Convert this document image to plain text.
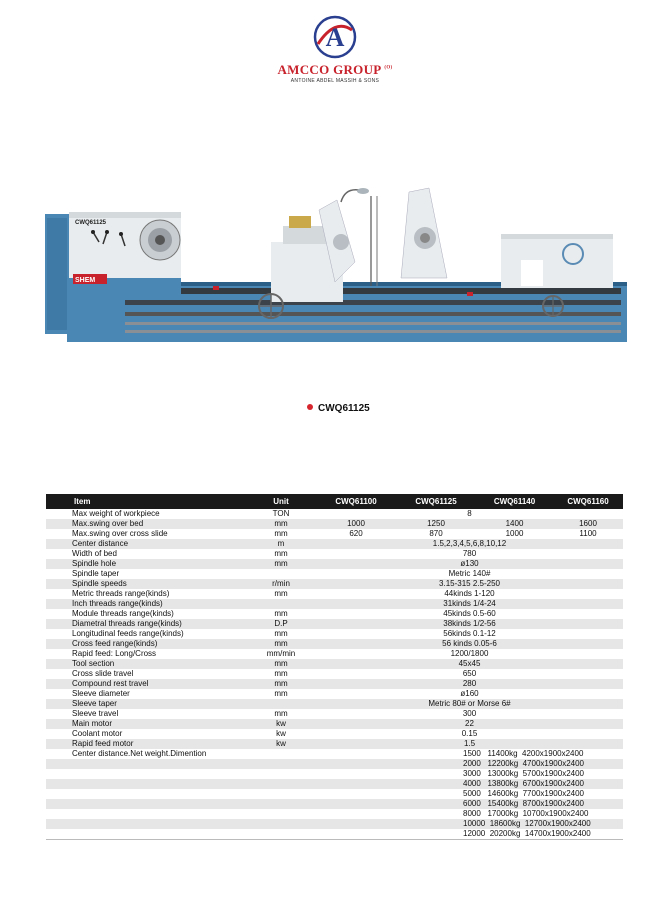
A
AMCCO GROUP $^{(O)}$
ANTOINE ABDEL MASSIH & SONS
CWQ61125
SHEM
CWQ61125
Item	Unit	CWQ61100	CWQ61125	CWQ61140	CWQ61160
Max weight of workpiece	TON	8			
Max.swing over bed	mm	1000	1250	1400	1600
Max.swing over cross slide	mm	620	870	1000	1100
Center distance	m	1.5,2,3,4,5,6,8,10,12			
Width of bed	mm	780			
Spindle hole	mm	ø130			
Spindle taper		Metric 140#			
Spindle speeds	r/min	3.15-315 2.5-250			
Metric threads range(kinds)	mm	44kinds 1-120			
Inch threads range(kinds)		31kinds 1/4-24			
Module threads range(kinds)	mm	45kinds 0.5-60			
Diametral threads range(kinds)	D.P	38kinds 1/2-56			
Longitudinal feeds range(kinds)	mm	56kinds 0.1-12			
Cross feed range(kinds)	mm	56 kinds 0.05-6			
Rapid feed: Long/Cross	mm/min	1200/1800			
Tool section	mm	45x45			
Cross slide travel	mm	650			
Compound rest travel	mm	280			
Sleeve diameter	mm	ø160			
Sleeve taper		Metric 80# or Morse 6#			
Sleeve travel	mm	300			
Main motor	kw	22			
Coolant motor	kw	0.15			
Rapid feed motor	kw	1.5			
Center distance.Net weight.Dimention		1500   11400kg  4200x1900x2400			
		2000   12200kg  4700x1900x2400			
		3000   13000kg  5700x1900x2400			
		4000   13800kg  6700x1900x2400			
		5000   14600kg  7700x1900x2400			
		6000   15400kg  8700x1900x2400			
		8000   17000kg  10700x1900x2400			
		10000  18600kg  12700x1900x2400			
		12000  20200kg  14700x1900x2400			
